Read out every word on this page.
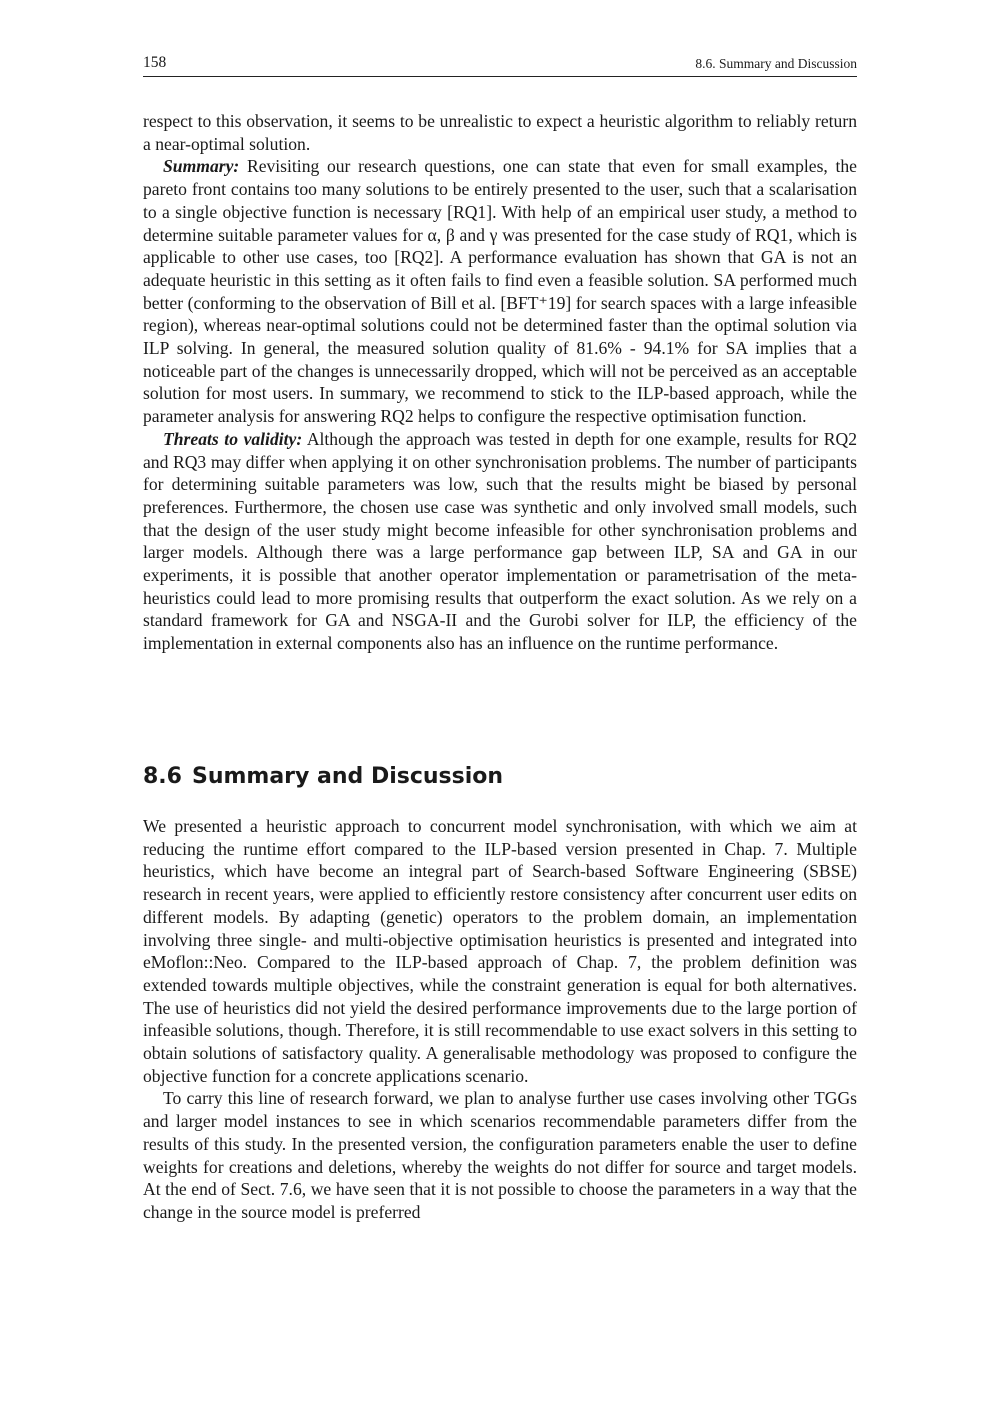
158	8.6. Summary and Discussion

respect to this observation, it seems to be unrealistic to expect a heuristic algorithm to reliably return a near-optimal solution.

Summary: Revisiting our research questions, one can state that even for small examples, the pareto front contains too many solutions to be entirely presented to the user, such that a scalarisation to a single objective function is necessary [RQ1]. With help of an empirical user study, a method to determine suitable parameter values for α, β and γ was presented for the case study of RQ1, which is applicable to other use cases, too [RQ2]. A performance evaluation has shown that GA is not an adequate heuristic in this setting as it often fails to find even a feasible solution. SA performed much better (conforming to the observation of Bill et al. [BFT⁺19] for search spaces with a large infeasible region), whereas near-optimal solutions could not be determined faster than the optimal solution via ILP solving. In general, the measured solution quality of 81.6% - 94.1% for SA implies that a noticeable part of the changes is unnecessarily dropped, which will not be perceived as an acceptable solution for most users. In summary, we recommend to stick to the ILP-based approach, while the parameter analysis for answering RQ2 helps to configure the respective optimisation function.

Threats to validity: Although the approach was tested in depth for one example, results for RQ2 and RQ3 may differ when applying it on other synchronisation problems. The number of participants for determining suitable parameters was low, such that the results might be biased by personal preferences. Furthermore, the chosen use case was synthetic and only involved small models, such that the design of the user study might become infeasible for other synchronisation problems and larger models. Although there was a large performance gap between ILP, SA and GA in our experiments, it is possible that another operator implementation or parametrisation of the meta-heuristics could lead to more promising results that outperform the exact solution. As we rely on a standard framework for GA and NSGA-II and the Gurobi solver for ILP, the efficiency of the implementation in external components also has an influence on the runtime performance.

8.6 Summary and Discussion

We presented a heuristic approach to concurrent model synchronisation, with which we aim at reducing the runtime effort compared to the ILP-based version presented in Chap. 7. Multiple heuristics, which have become an integral part of Search-based Software Engineering (SBSE) research in recent years, were applied to efficiently restore consistency after concurrent user edits on different models. By adapting (genetic) operators to the problem domain, an implementation involving three single- and multi-objective optimisation heuristics is presented and integrated into eMoflon::Neo. Compared to the ILP-based approach of Chap. 7, the problem definition was extended towards multiple objectives, while the constraint generation is equal for both alternatives. The use of heuristics did not yield the desired performance improvements due to the large portion of infeasible solutions, though. Therefore, it is still recommendable to use exact solvers in this setting to obtain solutions of satisfactory quality. A generalisable methodology was proposed to configure the objective function for a concrete applications scenario.

To carry this line of research forward, we plan to analyse further use cases involving other TGGs and larger model instances to see in which scenarios recommendable parameters differ from the results of this study. In the presented version, the configuration parameters enable the user to define weights for creations and deletions, whereby the weights do not differ for source and target models. At the end of Sect. 7.6, we have seen that it is not possible to choose the parameters in a way that the change in the source model is preferred
